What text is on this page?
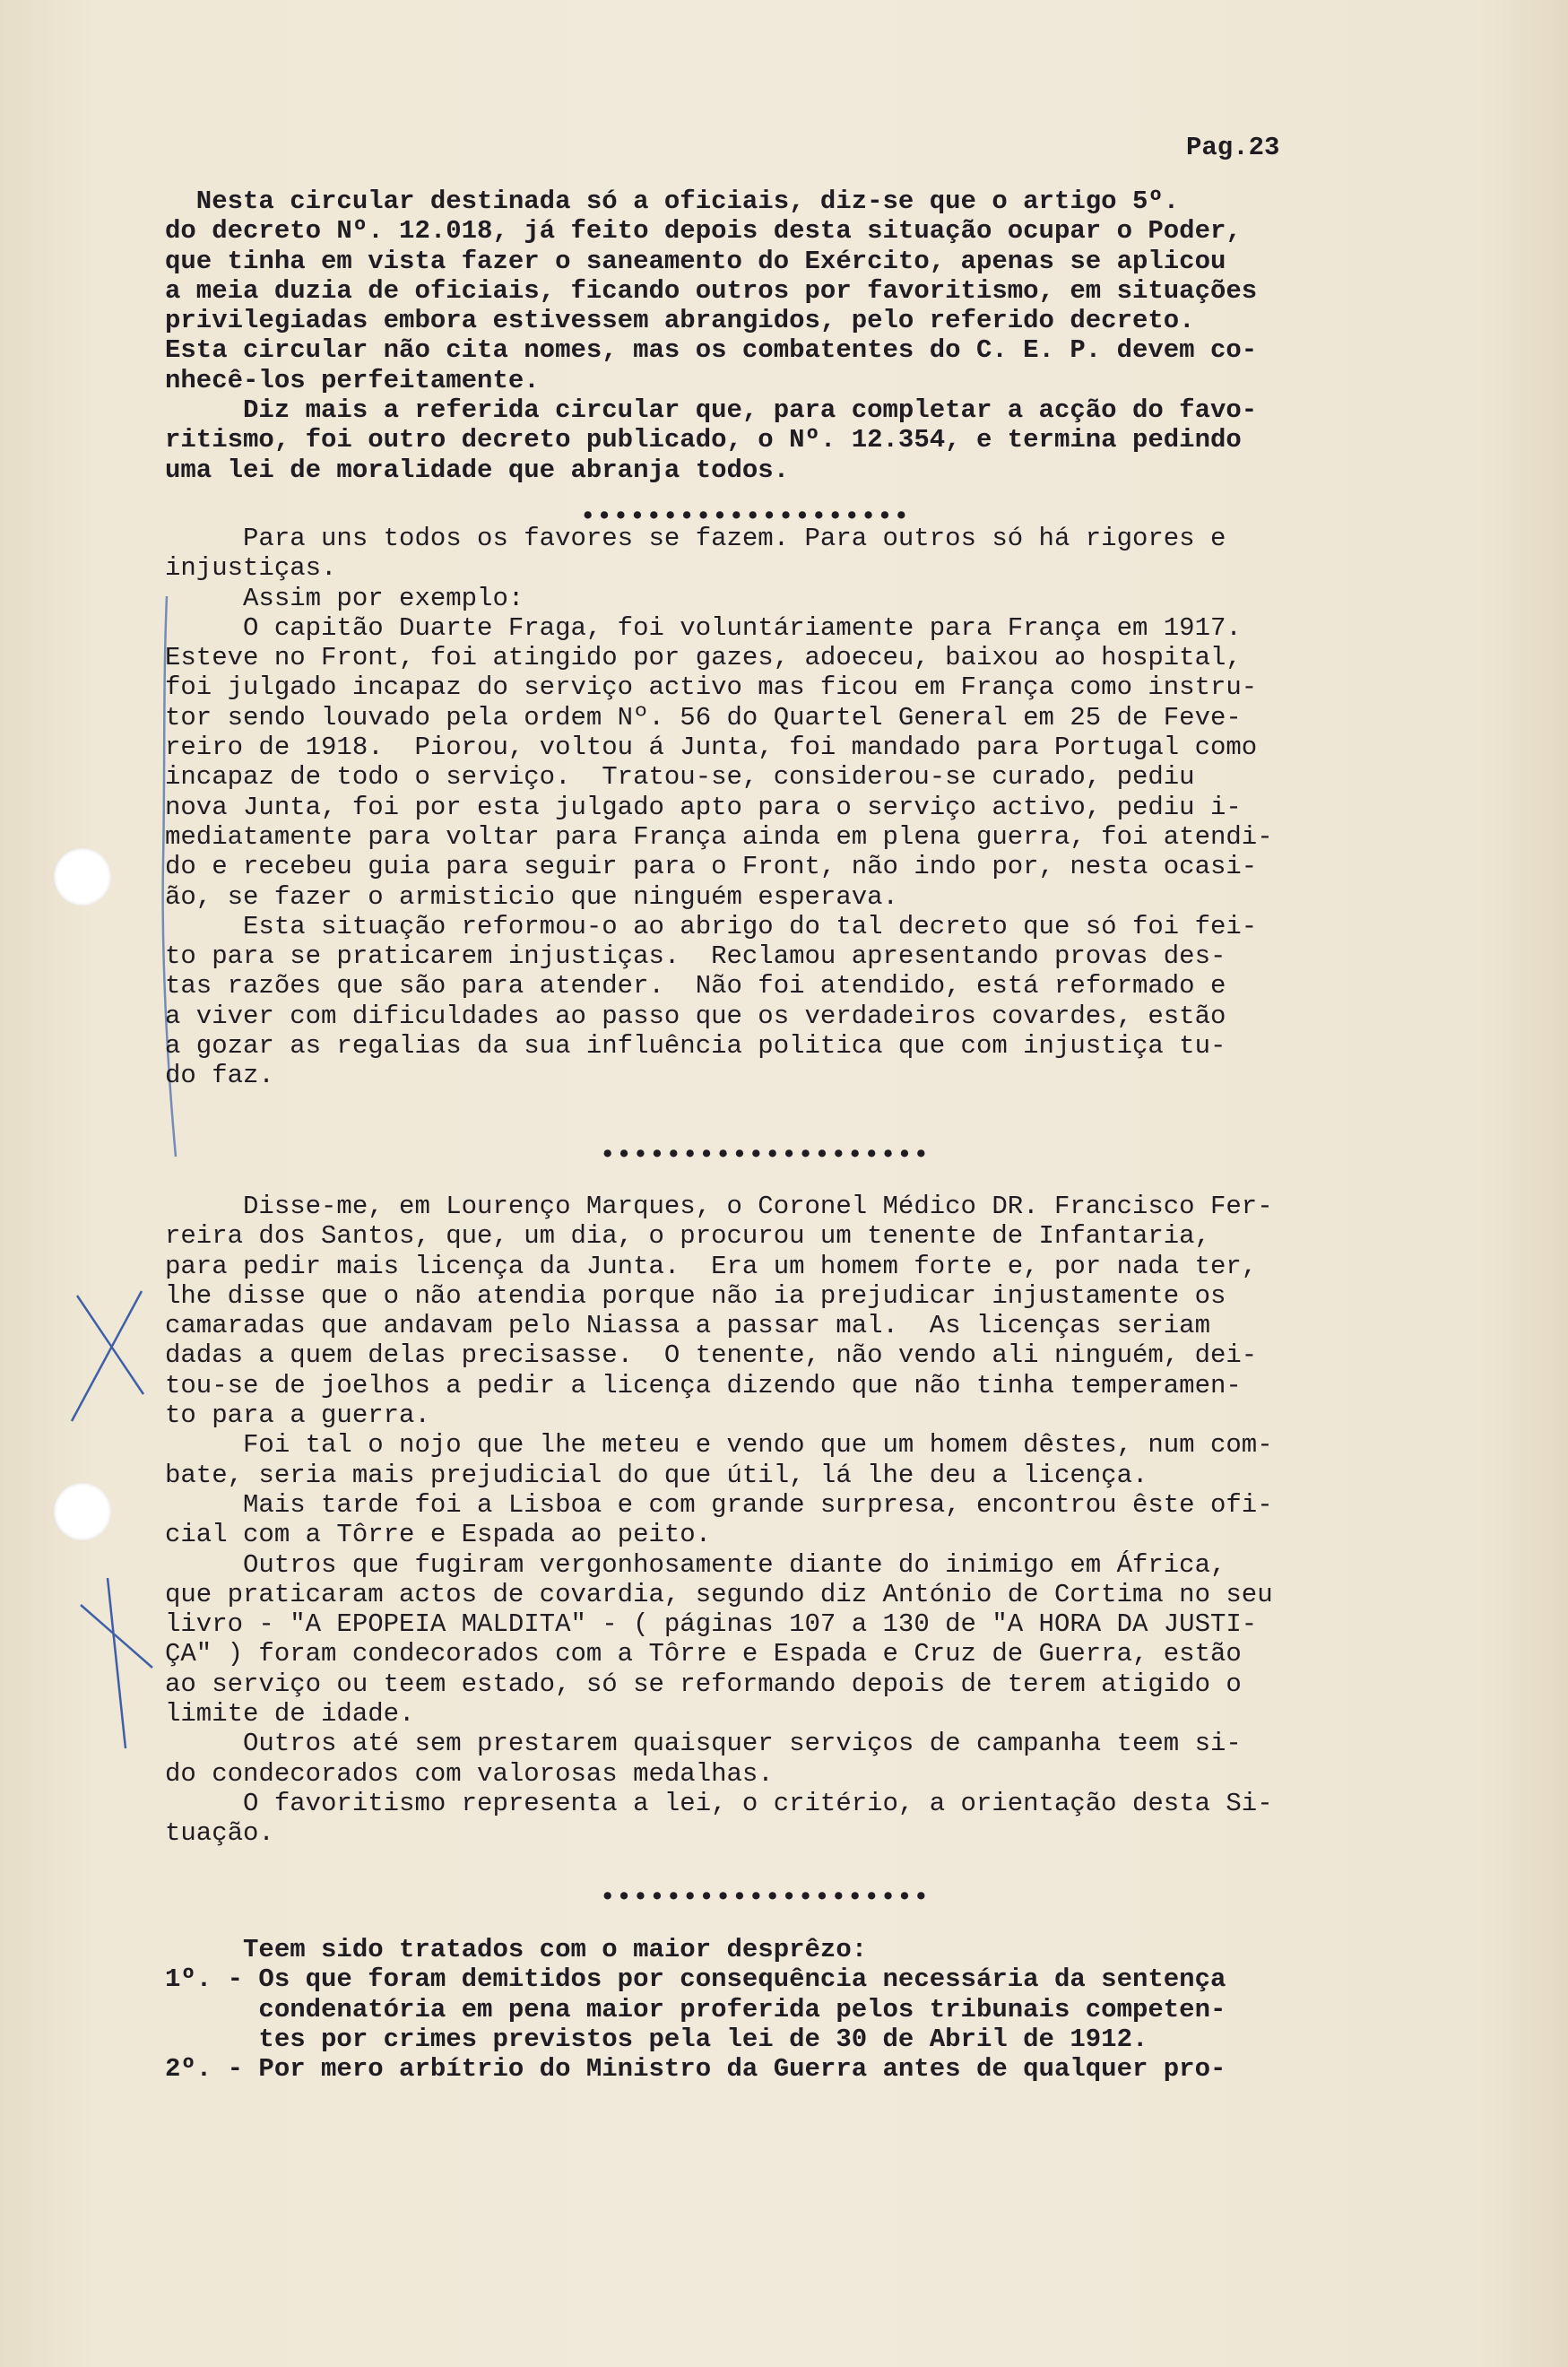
Pag.23
Nesta circular destinada só a oficiais, diz-se que o artigo 5º.
do decreto Nº. 12.018, já feito depois desta situação ocupar o Poder,
que tinha em vista fazer o saneamento do Exército, apenas se aplicou
a meia duzia de oficiais, ficando outros por favoritismo, em situações
privilegiadas embora estivessem abrangidos, pelo referido decreto.
Esta circular não cita nomes, mas os combatentes do C. E. P. devem co-
nhecê-los perfeitamente.
Diz mais a referida circular que, para completar a acção do favo-
ritismo, foi outro decreto publicado, o Nº. 12.354, e termina pedindo
uma lei de moralidade que abranja todos.
••••••••••••••••••••
Para uns todos os favores se fazem. Para outros só há rigores e
injustiças.
Assim por exemplo:
O capitão Duarte Fraga, foi voluntáriamente para França em 1917.
Esteve no Front, foi atingido por gazes, adoeceu, baixou ao hospital,
foi julgado incapaz do serviço activo mas ficou em França como instru-
tor sendo louvado pela ordem Nº. 56 do Quartel General em 25 de Feve-
reiro de 1918.  Piorou, voltou á Junta, foi mandado para Portugal como
incapaz de todo o serviço.  Tratou-se, considerou-se curado, pediu
nova Junta, foi por esta julgado apto para o serviço activo, pediu i-
mediatamente para voltar para França ainda em plena guerra, foi atendi-
do e recebeu guia para seguir para o Front, não indo por, nesta ocasi-
ão, se fazer o armisticio que ninguém esperava.
Esta situação reformou-o ao abrigo do tal decreto que só foi fei-
to para se praticarem injustiças.  Reclamou apresentando provas des-
tas razões que são para atender.  Não foi atendido, está reformado e
a viver com dificuldades ao passo que os verdadeiros covardes, estão
a gozar as regalias da sua influência politica que com injustiça tu-
do faz.
••••••••••••••••••••
Disse-me, em Lourenço Marques, o Coronel Médico DR. Francisco Fer-
reira dos Santos, que, um dia, o procurou um tenente de Infantaria,
para pedir mais licença da Junta.  Era um homem forte e, por nada ter,
lhe disse que o não atendia porque não ia prejudicar injustamente os
camaradas que andavam pelo Niassa a passar mal.  As licenças seriam
dadas a quem delas precisasse.  O tenente, não vendo ali ninguém, dei-
tou-se de joelhos a pedir a licença dizendo que não tinha temperamen-
to para a guerra.
Foi tal o nojo que lhe meteu e vendo que um homem dêstes, num com-
bate, seria mais prejudicial do que útil, lá lhe deu a licença.
Mais tarde foi a Lisboa e com grande surpresa, encontrou êste ofi-
cial com a Tôrre e Espada ao peito.
Outros que fugiram vergonhosamente diante do inimigo em África,
que praticaram actos de covardia, segundo diz António de Cortima no seu
livro - "A EPOPEIA MALDITA" - ( páginas 107 a 130 de "A HORA DA JUSTI-
ÇA" ) foram condecorados com a Tôrre e Espada e Cruz de Guerra, estão
ao serviço ou teem estado, só se reformando depois de terem atigido o
limite de idade.
Outros até sem prestarem quaisquer serviços de campanha teem si-
do condecorados com valorosas medalhas.
O favoritismo representa a lei, o critério, a orientação desta Si-
tuação.
••••••••••••••••••••
Teem sido tratados com o maior desprêzo:
1º. - Os que foram demitidos por consequência necessária da sentença
condenatória em pena maior proferida pelos tribunais competen-
tes por crimes previstos pela lei de 30 de Abril de 1912.
2º. - Por mero arbítrio do Ministro da Guerra antes de qualquer pro-
